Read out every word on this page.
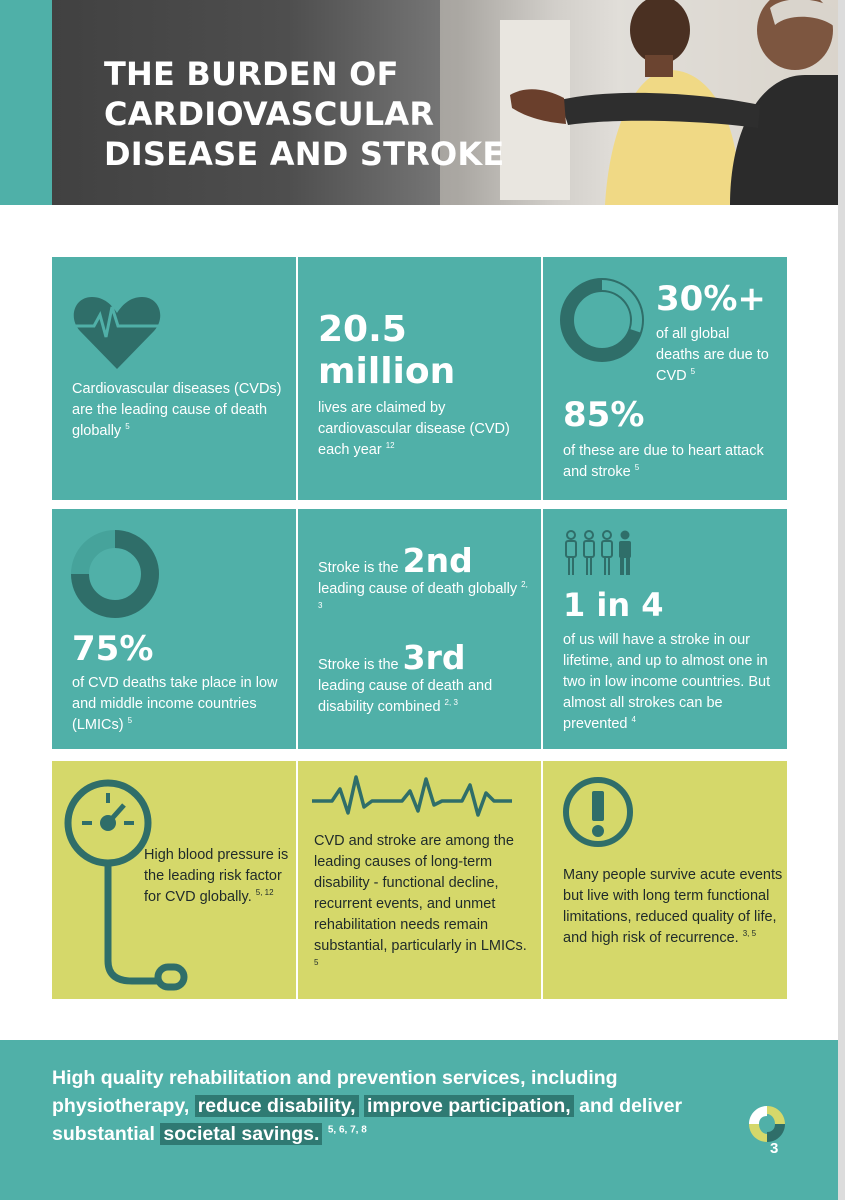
THE BURDEN OF
CARDIOVASCULAR
DISEASE AND STROKE
Cardiovascular diseases (CVDs) are the leading cause of death globally $^5$
20.5
million
lives are claimed by cardiovascular disease (CVD) each year $^{12}$
30%+
of all global deaths are due to CVD $^5$
85%
of these are due to heart attack and stroke $^5$
75%
of CVD deaths take place in low and middle income countries (LMICs) $^5$
Stroke is the 2nd
leading cause of death globally $^{2, 3}$
Stroke is the 3rd
leading cause of death and disability combined $^{2, 3}$
1 in 4
of us will have a stroke in our lifetime, and up to almost one in two in low income countries. But almost all strokes can be prevented $^4$
High blood pressure is the leading risk factor for CVD globally. $^{5, 12}$
CVD and stroke are among the leading causes of long-term disability - functional decline, recurrent events, and unmet rehabilitation needs remain substantial, particularly in LMICs. $^5$
Many people survive acute events but live with long term functional limitations, reduced quality of life, and high risk of recurrence. $^{3, 5}$
High quality rehabilitation and prevention services, including physiotherapy, reduce disability, improve participation, and deliver substantial societal savings. $^{5, 6, 7, 8}$
3
